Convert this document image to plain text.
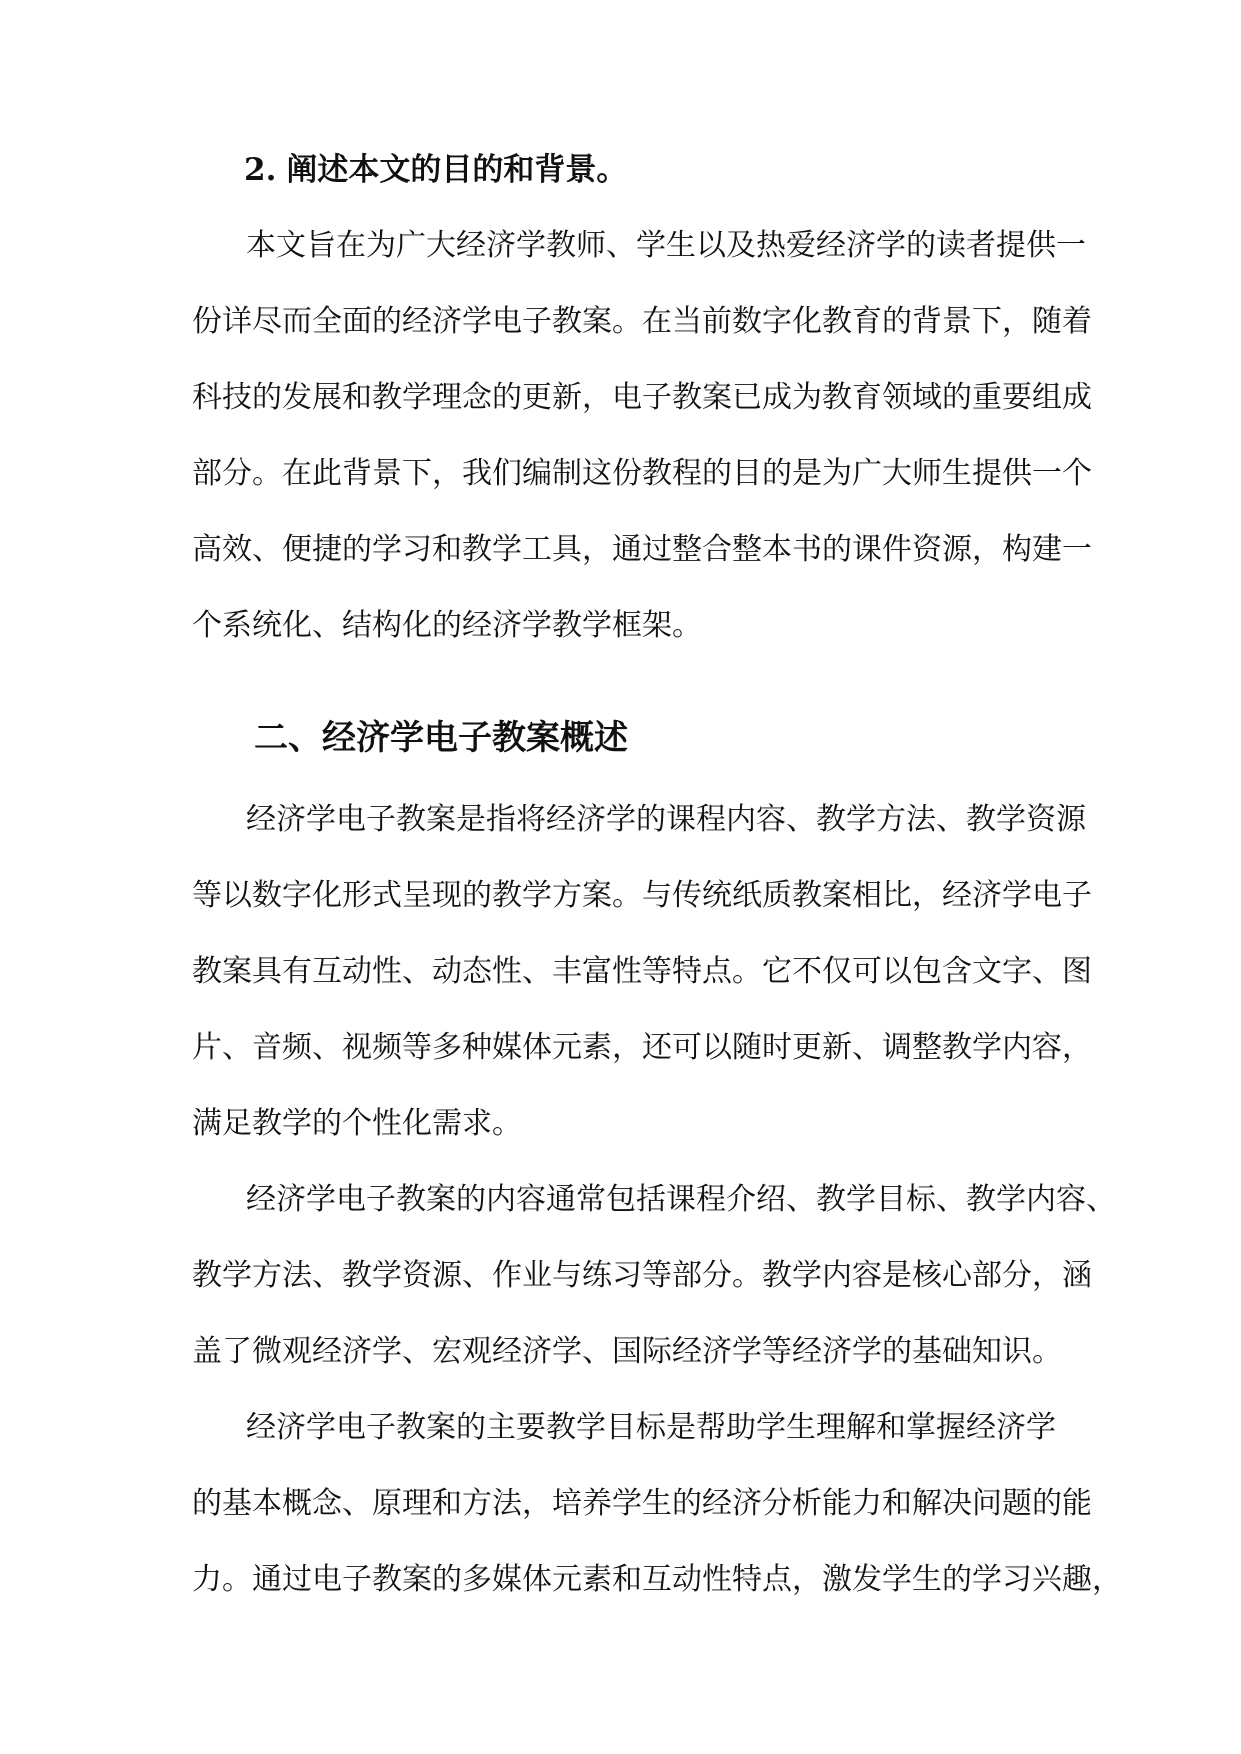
2. 阐述本文的目的和背景。
本文旨在为广大经济学教师、学生以及热爱经济学的读者提供一
份详尽而全面的经济学电子教案。在当前数字化教育的背景下，随着
科技的发展和教学理念的更新，电子教案已成为教育领域的重要组成
部分。在此背景下，我们编制这份教程的目的是为广大师生提供一个
高效、便捷的学习和教学工具，通过整合整本书的课件资源，构建一
个系统化、结构化的经济学教学框架。
二、经济学电子教案概述
经济学电子教案是指将经济学的课程内容、教学方法、教学资源
等以数字化形式呈现的教学方案。与传统纸质教案相比，经济学电子
教案具有互动性、动态性、丰富性等特点。它不仅可以包含文字、图
片、音频、视频等多种媒体元素，还可以随时更新、调整教学内容，
满足教学的个性化需求。
经济学电子教案的内容通常包括课程介绍、教学目标、教学内容、
教学方法、教学资源、作业与练习等部分。教学内容是核心部分，涵
盖了微观经济学、宏观经济学、国际经济学等经济学的基础知识。
经济学电子教案的主要教学目标是帮助学生理解和掌握经济学
的基本概念、原理和方法，培养学生的经济分析能力和解决问题的能
力。通过电子教案的多媒体元素和互动性特点，激发学生的学习兴趣，
